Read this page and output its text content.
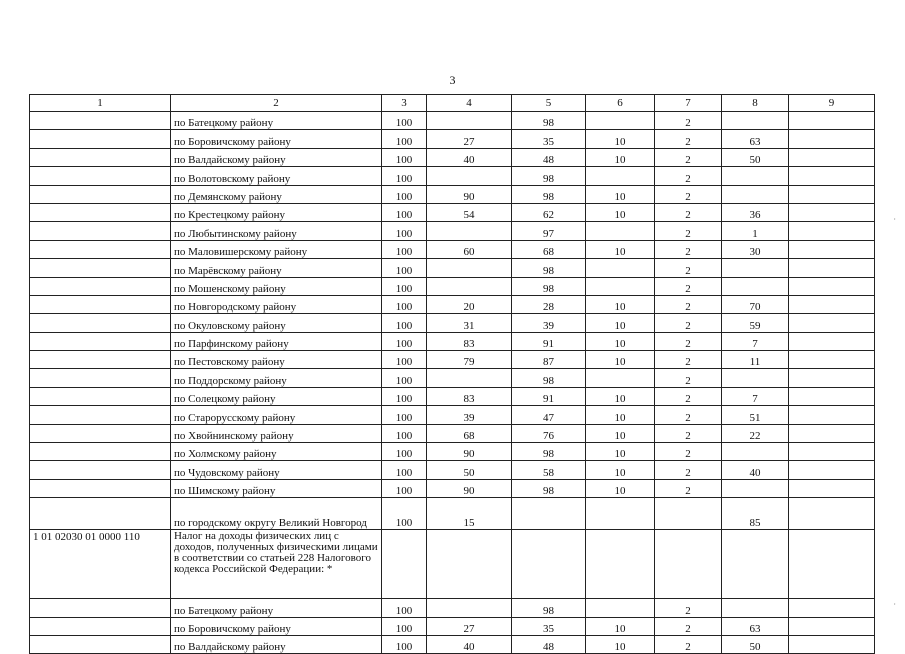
3
1	2	3	4	5	6	7	8	9
	по Батецкому району	100		98		2		
	по Боровичскому району	100	27	35	10	2	63	
	по Валдайскому району	100	40	48	10	2	50	
	по Волотовскому району	100		98		2		
	по Демянскому району	100	90	98	10	2		
	по Крестецкому району	100	54	62	10	2	36	
	по Любытинскому району	100		97		2	1	
	по Маловишерскому району	100	60	68	10	2	30	
	по Марёвскому району	100		98		2		
	по Мошенскому району	100		98		2		
	по Новгородскому району	100	20	28	10	2	70	
	по Окуловскому району	100	31	39	10	2	59	
	по Парфинскому району	100	83	91	10	2	7	
	по Пестовскому району	100	79	87	10	2	11	
	по Поддорскому району	100		98		2		
	по Солецкому району	100	83	91	10	2	7	
	по Старорусскому району	100	39	47	10	2	51	
	по Хвойнинскому району	100	68	76	10	2	22	
	по Холмскому району	100	90	98	10	2		
	по Чудовскому району	100	50	58	10	2	40	
	по Шимскому району	100	90	98	10	2		
	по городскому округу Великий Новгород	100	15				85	
1 01 02030 01 0000 110	Налог на доходы физических лиц с доходов, полученных физическими лицами в соответствии со статьей 228 Налогового кодекса Российской Федерации: *							
	по Батецкому району	100		98		2		
	по Боровичскому району	100	27	35	10	2	63	
	по Валдайскому району	100	40	48	10	2	50	
·
·
